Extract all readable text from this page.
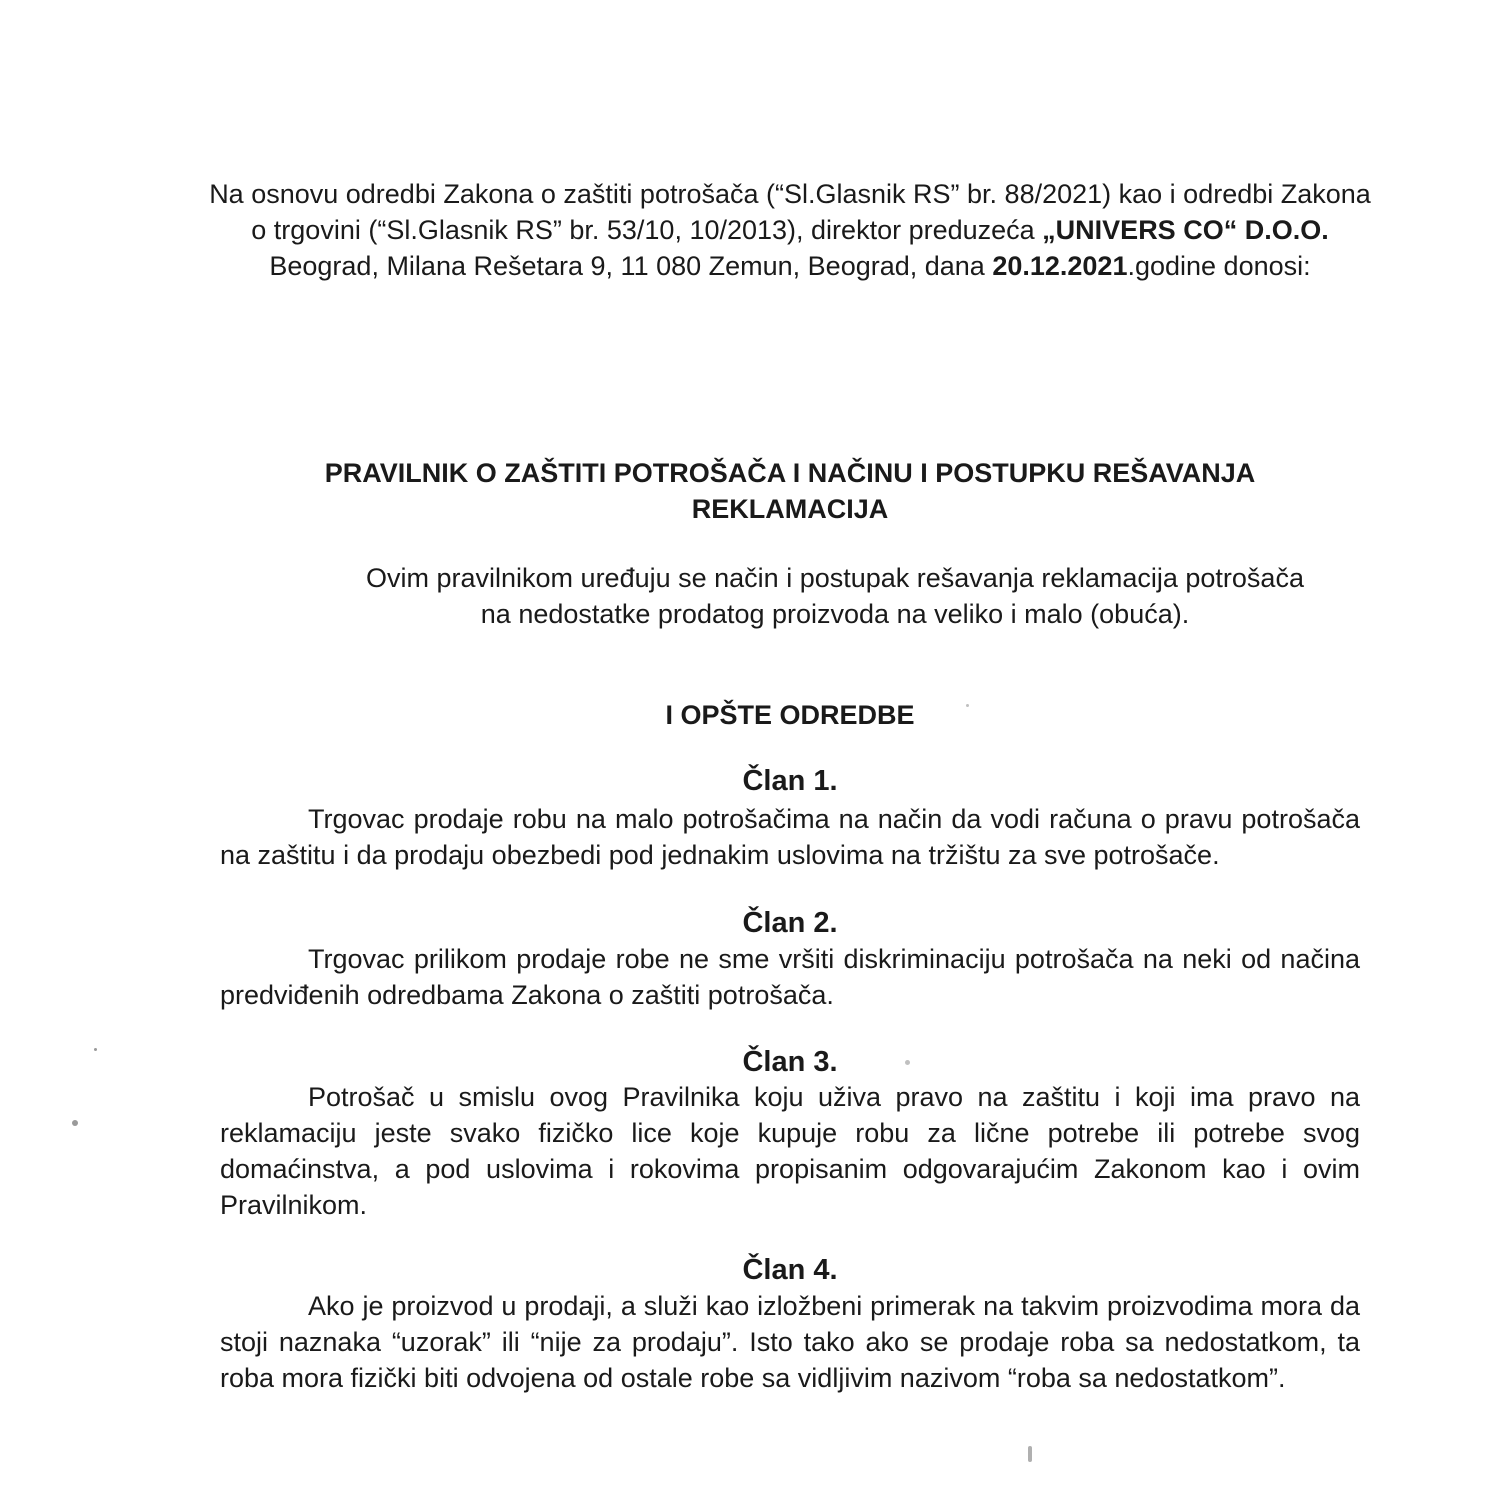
Na osnovu odredbi Zakona o zaštiti potrošača (“Sl.Glasnik RS” br. 88/2021) kao i odredbi Zakona o trgovini (“Sl.Glasnik RS” br. 53/10, 10/2013), direktor preduzeća „UNIVERS CO“ D.O.O. Beograd, Milana Rešetara 9, 11 080 Zemun, Beograd, dana 20.12.2021.godine donosi:
PRAVILNIK O ZAŠTITI POTROŠAČA I NAČINU I POSTUPKU REŠAVANJA
REKLAMACIJA
Ovim pravilnikom uređuju se način i postupak rešavanja reklamacija potrošača
na nedostatke prodatog proizvoda na veliko i malo (obuća).
I OPŠTE ODREDBE
Član 1.
Trgovac prodaje robu na malo potrošačima na način da vodi računa o pravu potrošača na zaštitu i da prodaju obezbedi pod jednakim uslovima na tržištu za sve potrošače.
Član 2.
Trgovac prilikom prodaje robe ne sme vršiti diskriminaciju potrošača na neki od načina predviđenih odredbama Zakona o zaštiti potrošača.
Član 3.
Potrošač u smislu ovog Pravilnika koju uživa pravo na zaštitu i koji ima pravo na reklamaciju jeste svako fizičko lice koje kupuje robu za lične potrebe ili potrebe svog domaćinstva, a pod uslovima i rokovima propisanim odgovarajućim Zakonom kao i ovim Pravilnikom.
Član 4.
Ako je proizvod u prodaji, a služi kao izložbeni primerak na takvim proizvodima mora da stoji naznaka “uzorak” ili “nije za prodaju”. Isto tako ako se prodaje roba sa nedostatkom, ta roba mora fizički biti odvojena od ostale robe sa vidljivim nazivom “roba sa nedostatkom”.
